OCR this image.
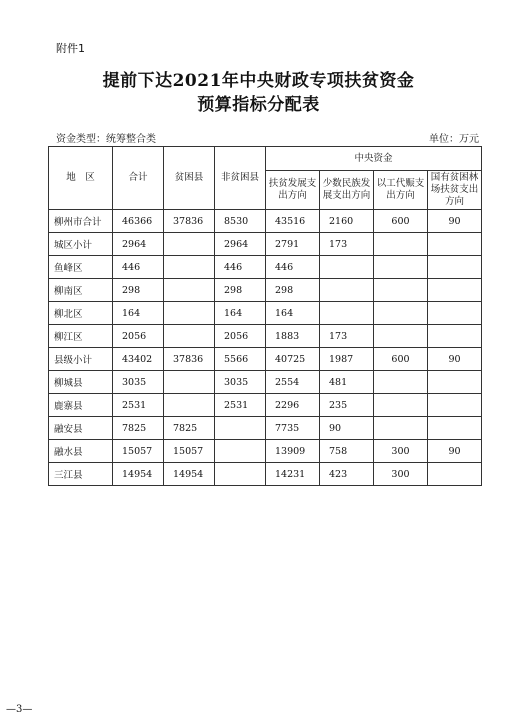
附件1
提前下达2021年中央财政专项扶贫资金
预算指标分配表
资金类型：统筹整合类	单位：万元
地　区	合计	贫困县	非贫困县	中央资金			
				扶贫发展支出方向	少数民族发展支出方向	以工代赈支出方向	国有贫困林场扶贫支出方向
柳州市合计	46366	37836	8530	43516	2160	600	90
城区小计	2964		2964	2791	173		
鱼峰区	446		446	446			
柳南区	298		298	298			
柳北区	164		164	164			
柳江区	2056		2056	1883	173		
县级小计	43402	37836	5566	40725	1987	600	90
柳城县	3035		3035	2554	481		
鹿寨县	2531		2531	2296	235		
融安县	7825	7825		7735	90		
融水县	15057	15057		13909	758	300	90
三江县	14954	14954		14231	423	300	
—3—
